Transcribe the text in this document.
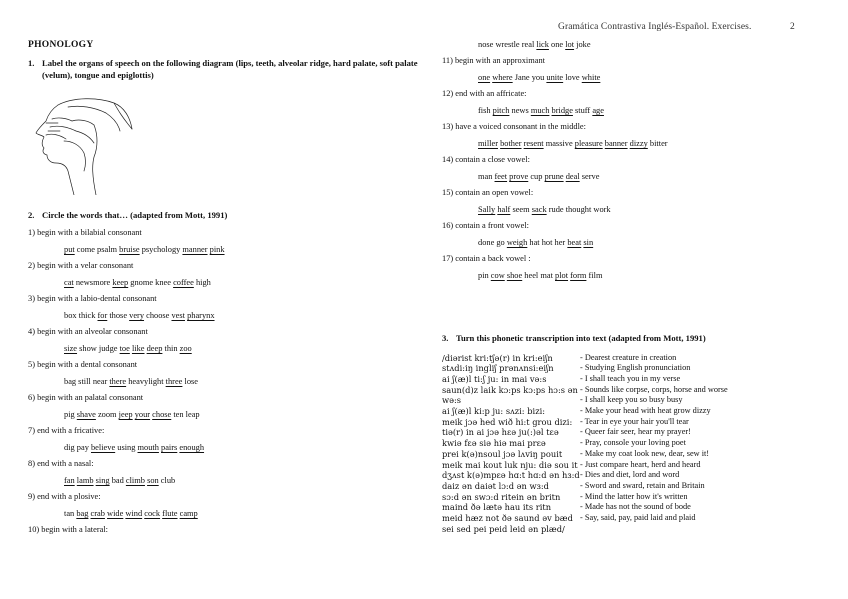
Gramática Contrastiva Inglés-Español. Exercises.	2
PHONOLOGY
1. Label the organs of speech on the following diagram (lips, teeth, alveolar ridge, hard palate, soft palate (velum), tongue and epiglottis)
2. Circle the words that… (adapted from Mott, 1991)
1) begin with a bilabial consonant
put come psalm bruise psychology manner pink
2) begin with a velar consonant
cat newsmore keep gnome knee coffee high
3) begin with a labio-dental consonant
box thick for those very choose vest pharynx
4) begin with an alveolar consonant
size show judge toe like deep thin zoo
5) begin with a dental consonant
bag still near there heavylight three lose
6) begin with an palatal consonant
pig shave zoom jeep your chose ten leap
7) end with a fricative:
dig pay believe using mouth pairs enough
8) end with a nasal:
fan lamb sing bad climb son club
9) end with a plosive:
tan bag crab wide wind cock flute camp
10) begin with a lateral:
nose wrestle real lick one lot joke
11) begin with an approximant
one where Jane you unite love white
12) end with an affricate:
fish pitch news much bridge stuff age
13) have a voiced consonant in the middle:
miller bother resent massive pleasure banner dizzy bitter
14) contain a close vowel:
man feet prove cup prune deal serve
15) contain an open vowel:
Sally half seem sack rude thought work
16) contain a front vowel:
done go weigh hat hot her beat sin
17) contain a back vowel :
pin cow shoe heel mat plot form film
3. Turn this phonetic transcription into text (adapted from Mott, 1991)
/diərist kri:tʃə(r) in kri:eiʃn
stʌdi:iŋ ingliʃ prənʌnsi:eiʃn
ai ʃ(æ)l ti:ʃ ju: in mai və:s
saun(d)z laik kɔ:ps kɔ:ps hɔ:s ən wə:s
ai ʃ(æ)l ki:p ju: sʌzi: bizi:
meik jɔə hed wið hi:t grou dizi:
tiə(r) in ai jɔə hɛə ju(:)əl tɛə
kwiə fɛə siə hiə mai prɛə
prei k(ə)nsoul jɔə lʌviŋ pouit
meik mai kout luk nju: diə sou it
dʒʌst k(ə)mpɛə hɑ:t hɑ:d ən hɜ:d
daiz ən daiət lɔ:d ən wɜ:d
sɔ:d ən swɔ:d ritein ən britn
maind ðə lætə hau its ritn
meid hæz not ðə saund əv bæd
sei sed pei peid leid ən plæd/
- Dearest creature in creation
- Studying English pronunciation
- I shall teach you in my verse
- Sounds like corpse, corps, horse and worse
- I shall keep you so busy busy
- Make your head with heat grow dizzy
- Tear in eye your hair you'll tear
- Queer fair seer, hear my prayer!
- Pray, console your loving poet
- Make my coat look new, dear, sew it!
- Just compare heart, herd and heard
- Dies and diet, lord and word
- Sword and sward, retain and Britain
- Mind the latter how it's written
- Made has not the sound of bode
- Say, said, pay, paid laid and plaid
